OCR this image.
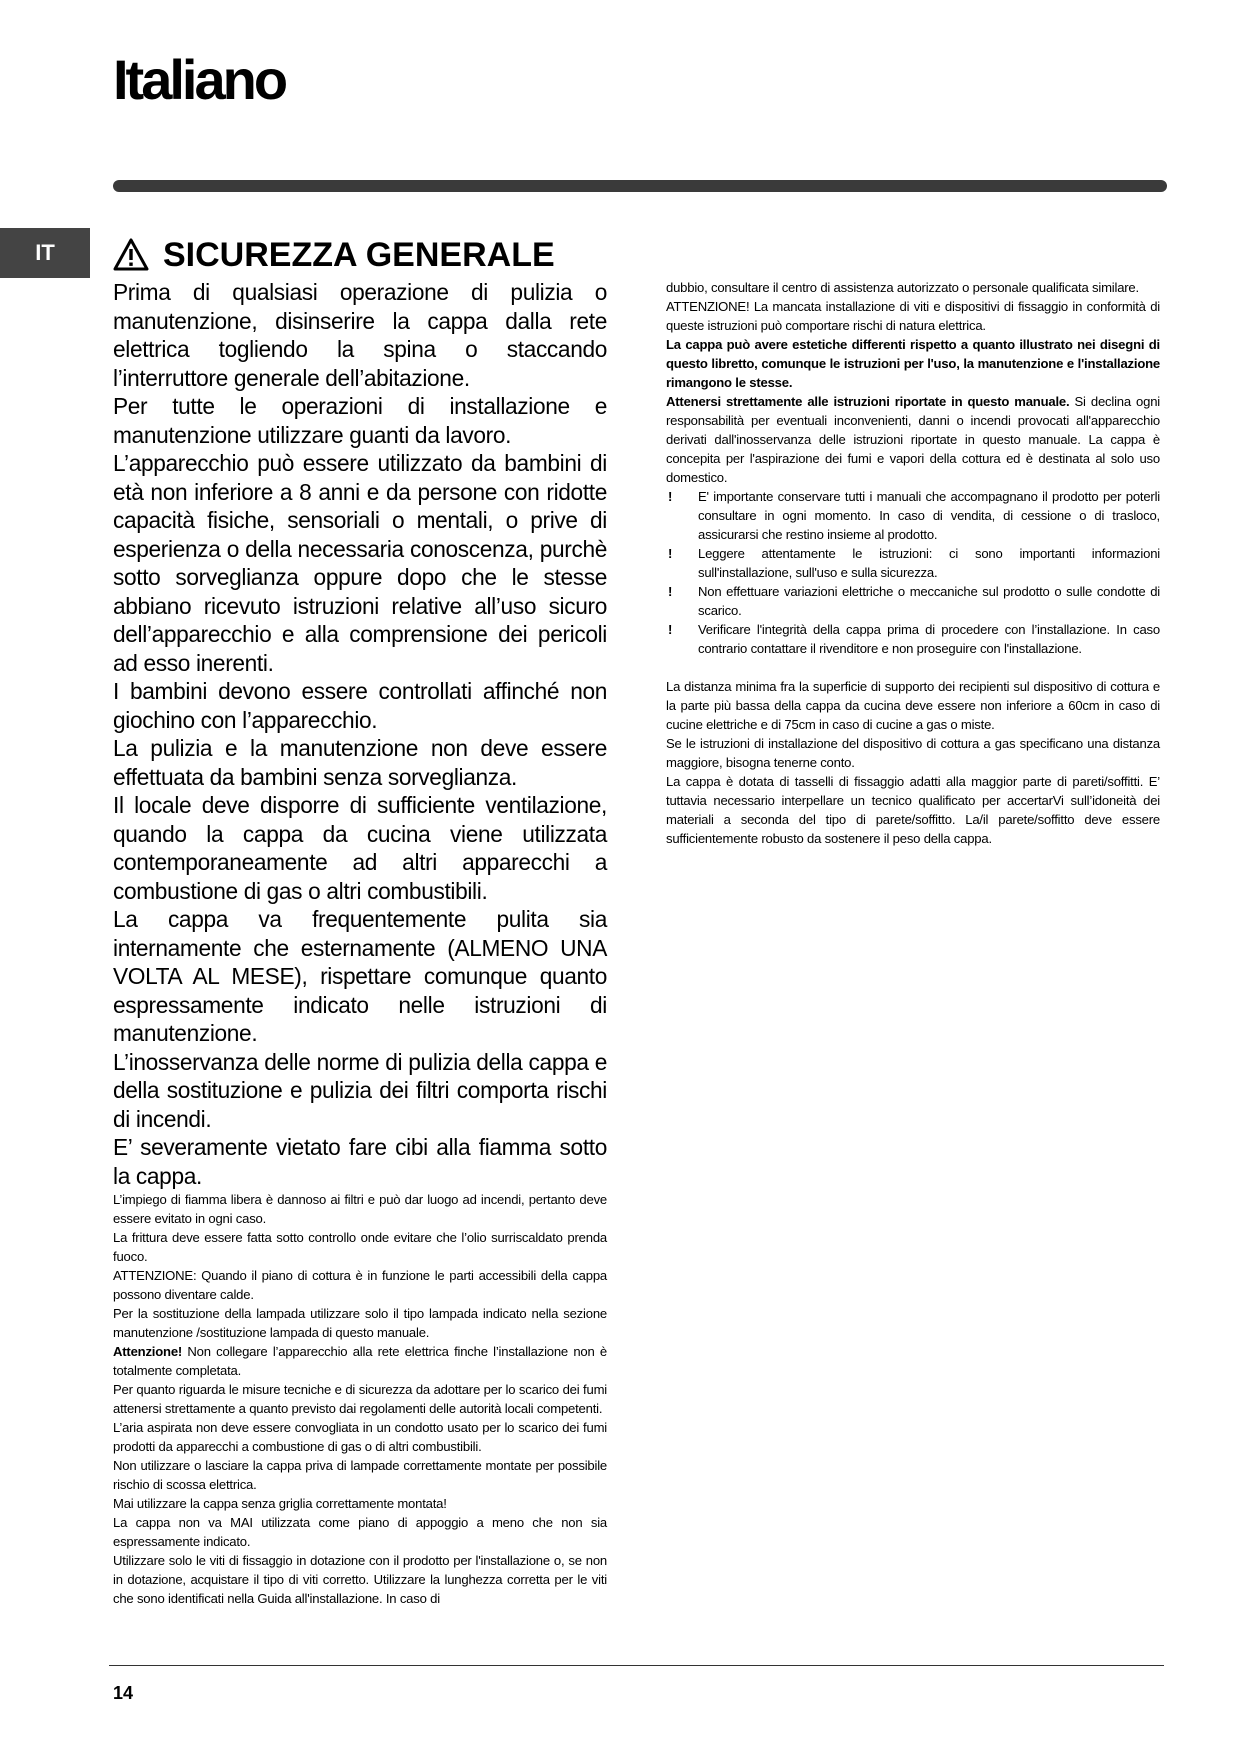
Italiano
IT	SICUREZZA GENERALE

Prima di qualsiasi operazione di pulizia o manutenzione, disinserire la cappa dalla rete elettrica togliendo la spina o staccando l’interruttore generale dell’abitazione.

Per tutte le operazioni di installazione e manutenzione utilizzare guanti da lavoro.

L’apparecchio può essere utilizzato da bambini di età non inferiore a 8 anni e da persone con ridotte capacità fisiche, sensoriali o mentali, o prive di esperienza o della necessaria conoscenza, purchè sotto sorveglianza oppure dopo che le stesse abbiano ricevuto istruzioni relative all’uso sicuro dell’apparecchio e alla comprensione dei pericoli ad esso inerenti.

I bambini devono essere controllati affinché non giochino con l’apparecchio.

La pulizia e la manutenzione non deve essere effettuata da bambini senza sorveglianza.

Il locale deve disporre di sufficiente ventilazione, quando la cappa da cucina viene utilizzata contemporaneamente ad altri apparecchi a combustione di gas o altri combustibili.

La cappa va frequentemente pulita sia internamente che esternamente (ALMENO UNA VOLTA AL MESE), rispettare comunque quanto espressamente indicato nelle istruzioni di manutenzione.

L’inosservanza delle norme di pulizia della cappa e della sostituzione e pulizia dei filtri comporta rischi di incendi.

E’ severamente vietato fare cibi alla fiamma sotto la cappa.

L’impiego di fiamma libera è dannoso ai filtri e può dar luogo ad incendi, pertanto deve essere evitato in ogni caso.

La frittura deve essere fatta sotto controllo onde evitare che l’olio surriscaldato prenda fuoco.

ATTENZIONE: Quando il piano di cottura è in funzione le parti accessibili della cappa possono diventare calde.

Per la sostituzione della lampada utilizzare solo il tipo lampada indicato nella sezione manutenzione /sostituzione lampada di questo manuale.

Attenzione! Non collegare l’apparecchio alla rete elettrica finche l’installazione non è totalmente completata.

Per quanto riguarda le misure tecniche e di sicurezza da adottare per lo scarico dei fumi attenersi strettamente a quanto previsto dai regolamenti delle autorità locali competenti.

L’aria aspirata non deve essere convogliata in un condotto usato per lo scarico dei fumi prodotti da apparecchi a combustione di gas o di altri combustibili.

Non utilizzare o lasciare la cappa priva di lampade correttamente montate per possibile rischio di scossa elettrica.

Mai utilizzare la cappa senza griglia correttamente montata!

La cappa non va MAI utilizzata come piano di appoggio a meno che non sia espressamente indicato.

Utilizzare solo le viti di fissaggio in dotazione con il prodotto per l'installazione o, se non in dotazione, acquistare il tipo di viti corretto. Utilizzare la lunghezza corretta per le viti che sono identificati nella Guida all'installazione. In caso di

dubbio, consultare il centro di assistenza autorizzato o personale qualificata similare.

ATTENZIONE! La mancata installazione di viti e dispositivi di fissaggio in conformità di queste istruzioni può comportare rischi di natura elettrica.

La cappa può avere estetiche differenti rispetto a quanto illustrato nei disegni di questo libretto, comunque le istruzioni per l'uso, la manutenzione e l'installazione rimangono le stesse.

Attenersi strettamente alle istruzioni riportate in questo manuale. Si declina ogni responsabilità per eventuali inconvenienti, danni o incendi provocati all'apparecchio derivati dall'inosservanza delle istruzioni riportate in questo manuale. La cappa è concepita per l'aspirazione dei fumi e vapori della cottura ed è destinata al solo uso domestico.

!	E' importante conservare tutti i manuali che accompagnano il prodotto per poterli consultare in ogni momento. In caso di vendita, di cessione o di trasloco, assicurarsi che restino insieme al prodotto.
!	Leggere attentamente le istruzioni: ci sono importanti informazioni sull'installazione, sull'uso e sulla sicurezza.
!	Non effettuare variazioni elettriche o meccaniche sul prodotto o sulle condotte di scarico.
!	Verificare l'integrità della cappa prima di procedere con l’installazione. In caso contrario contattare il rivenditore e non proseguire con l'installazione.

La distanza minima fra la superficie di supporto dei recipienti sul dispositivo di cottura e la parte più bassa della cappa da cucina deve essere non inferiore a 60cm in caso di cucine elettriche e di 75cm in caso di cucine a gas o miste.

Se le istruzioni di installazione del dispositivo di cottura a gas specificano una distanza maggiore, bisogna tenerne conto.

La cappa è dotata di tasselli di fissaggio adatti alla maggior parte di pareti/soffitti. E’ tuttavia necessario interpellare un tecnico qualificato per accertarVi sull’idoneità dei materiali a seconda del tipo di parete/soffitto. La/il parete/soffitto deve essere sufficientemente robusto da sostenere il peso della cappa.

14
